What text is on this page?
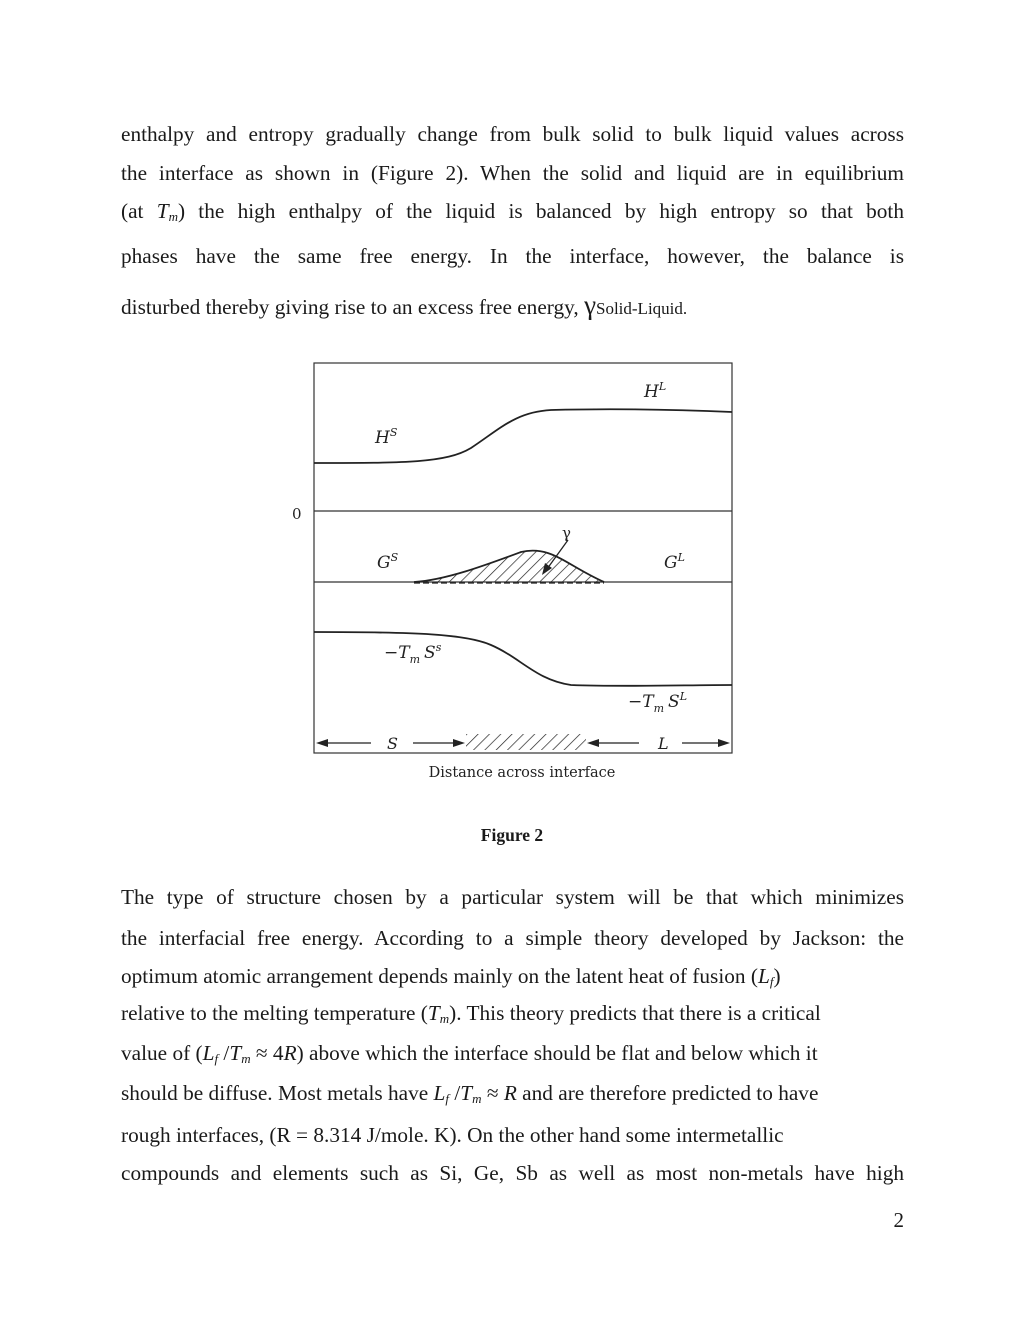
enthalpy and entropy gradually change from bulk solid to bulk liquid values across
the interface as shown in (Figure 2). When the solid and liquid are in equilibrium
(at $T_m$) the high enthalpy of the liquid is balanced by high entropy so that both
phases have the same free energy. In the interface, however, the balance is
disturbed thereby giving rise to an excess free energy, γSolid-Liquid.
$H^L$
$H^S$
0
γ
$G^S$	$G^L$
$-T_m$ $S^s$
$-T_m$ $S^L$
S	L
Distance across interface
Figure 2
The type of structure chosen by a particular system will be that which minimizes
the interfacial free energy. According to a simple theory developed by Jackson: the
optimum atomic arrangement depends mainly on the latent heat of fusion $(L_f)$
relative to the melting temperature $(T_m)$. This theory predicts that there is a critical
value of ($L_f$ $/T_m \approx 4R$) above which the interface should be flat and below which it
should be diffuse. Most metals have $L_f$ $/T_m \approx R$ and are therefore predicted to have
rough interfaces, (R = 8.314 J/mole. K). On the other hand some intermetallic
compounds and elements such as Si, Ge, Sb as well as most non-metals have high
2
